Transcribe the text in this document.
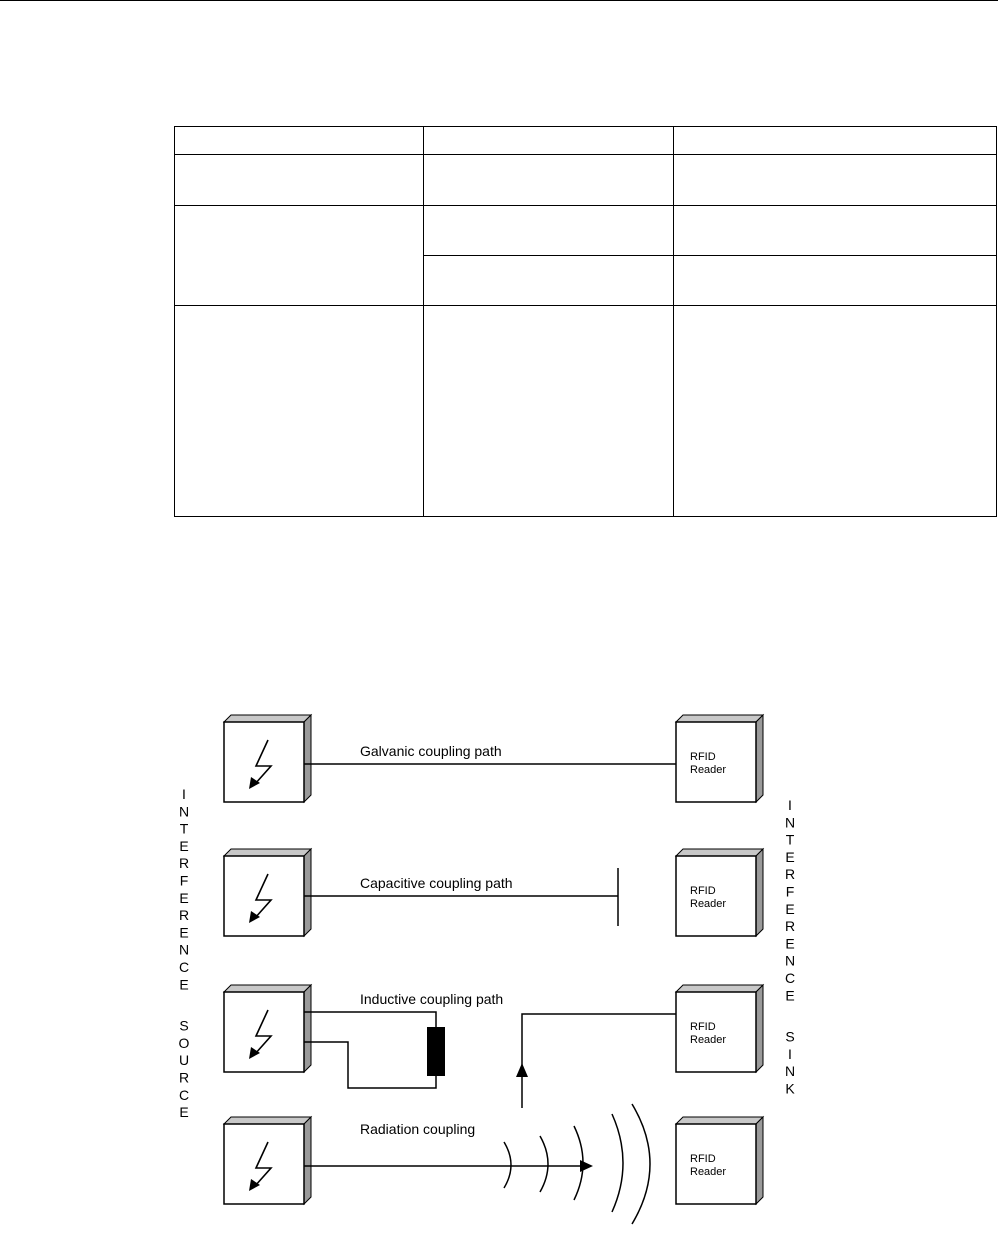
RFID Reader
RFID Reader
RFID Reader
RFID Reader
Galvanic coupling path
Capacitive coupling path
Inductive coupling path
Radiation coupling
I
N
T
E
R
F
E
R
E
N
C
E
S
O
U
R
C
E
I
N
T
E
R
F
E
R
E
N
C
E
S
I
N
K
